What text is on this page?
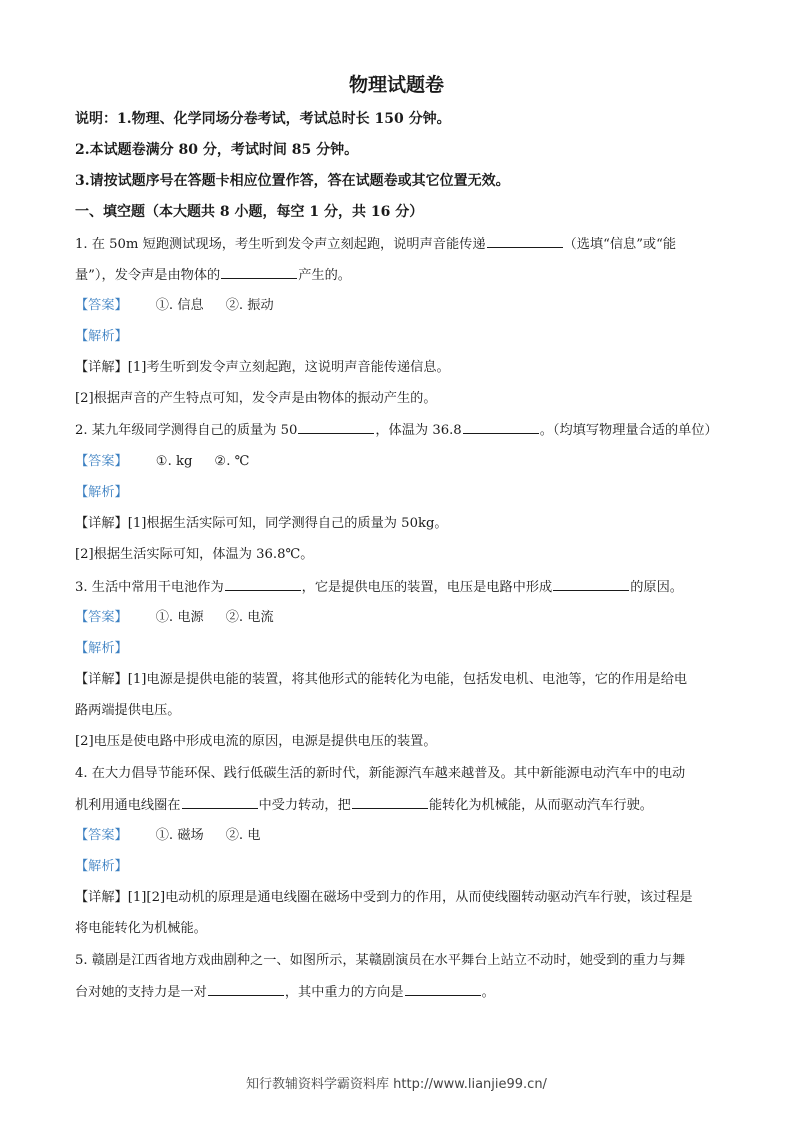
物理试题卷
说明：1.物理、化学同场分卷考试，考试总时长 150 分钟。
2.本试题卷满分 80 分，考试时间 85 分钟。
3.请按试题序号在答题卡相应位置作答，答在试题卷或其它位置无效。
一、填空题（本大题共 8 小题，每空 1 分，共 16 分）
1. 在 50m 短跑测试现场，考生听到发令声立刻起跑，说明声音能传递	（选填“信息”或“能
量”），发令声是由物体的	产生的。
【答案】 ①. 信息 ②. 振动
【解析】
【详解】[1]考生听到发令声立刻起跑，这说明声音能传递信息。
[2]根据声音的产生特点可知，发令声是由物体的振动产生的。
2. 某九年级同学测得自己的质量为 50	，体温为 36.8	。（均填写物理量合适的单位）
【答案】 ①. kg ②. ℃
【解析】
【详解】[1]根据生活实际可知，同学测得自己的质量为 50kg。
[2]根据生活实际可知，体温为 36.8℃。
3. 生活中常用干电池作为	，它是提供电压的装置，电压是电路中形成	的原因。
【答案】 ①. 电源 ②. 电流
【解析】
【详解】[1]电源是提供电能的装置，将其他形式的能转化为电能，包括发电机、电池等，它的作用是给电
路两端提供电压。
[2]电压是使电路中形成电流的原因，电源是提供电压的装置。
4. 在大力倡导节能环保、践行低碳生活的新时代，新能源汽车越来越普及。其中新能源电动汽车中的电动
机利用通电线圈在	中受力转动，把	能转化为机械能，从而驱动汽车行驶。
【答案】 ①. 磁场 ②. 电
【解析】
【详解】[1][2]电动机的原理是通电线圈在磁场中受到力的作用，从而使线圈转动驱动汽车行驶，该过程是
将电能转化为机械能。
5. 赣剧是江西省地方戏曲剧种之一、如图所示，某赣剧演员在水平舞台上站立不动时，她受到的重力与舞
台对她的支持力是一对	，其中重力的方向是	。
知行教辅资料学霸资料库 http://www.lianjie99.cn/
